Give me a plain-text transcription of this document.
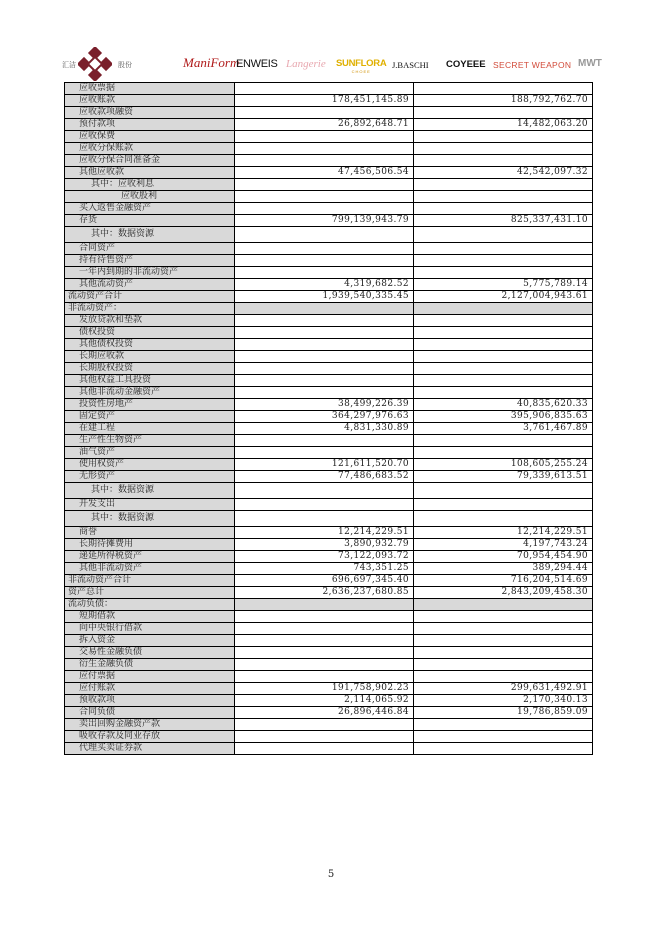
汇洁	股份	ManiForm
ENWEIS Langerie SUNFLORA
CHOEE
J.BASCHI COYEEE SECRET WEAPON MWT
应收票据		
应收账款	178,451,145.89	188,792,762.70
应收款项融资		
预付款项	26,892,648.71	14,482,063.20
应收保费		
应收分保账款		
应收分保合同准备金		
其他应收款	47,456,506.54	42,542,097.32
其中：应收利息		
应收股利		
买入返售金融资产		
存货	799,139,943.79	825,337,431.10
其中：数据资源		
合同资产		
持有待售资产		
一年内到期的非流动资产		
其他流动资产	4,319,682.52	5,775,789.14
流动资产合计	1,939,540,335.45	2,127,004,943.61
非流动资产：		
发放贷款和垫款		
债权投资		
其他债权投资		
长期应收款		
长期股权投资		
其他权益工具投资		
其他非流动金融资产		
投资性房地产	38,499,226.39	40,835,620.33
固定资产	364,297,976.63	395,906,835.63
在建工程	4,831,330.89	3,761,467.89
生产性生物资产		
油气资产		
使用权资产	121,611,520.70	108,605,255.24
无形资产	77,486,683.52	79,339,613.51
其中：数据资源		
开发支出		
其中：数据资源		
商誉	12,214,229.51	12,214,229.51
长期待摊费用	3,890,932.79	4,197,743.24
递延所得税资产	73,122,093.72	70,954,454.90
其他非流动资产	743,351.25	389,294.44
非流动资产合计	696,697,345.40	716,204,514.69
资产总计	2,636,237,680.85	2,843,209,458.30
流动负债：		
短期借款		
向中央银行借款		
拆入资金		
交易性金融负债		
衍生金融负债		
应付票据		
应付账款	191,758,902.23	299,631,492.91
预收款项	2,114,065.92	2,170,340.13
合同负债	26,896,446.84	19,786,859.09
卖出回购金融资产款		
吸收存款及同业存放		
代理买卖证券款		
5
